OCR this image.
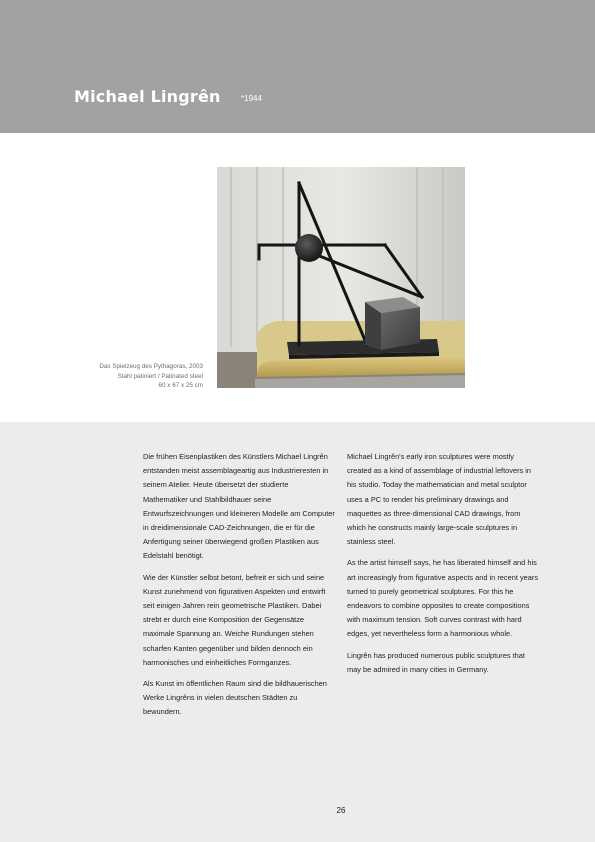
Michael Lingrên	*1944
Das Spielzeug des Pythagoras, 2003
Stahl patiniert / Patinated steel
60 x 67 x 25 cm

Die frühen Eisenplastiken des Künstlers Michael Lingrên entstanden meist assemblageartig aus Industrieresten in seinem Atelier. Heute übersetzt der studierte Mathematiker und Stahlbildhauer seine Entwurfszeichnungen und kleineren Modelle am Computer in dreidimensionale CAD-Zeichnungen, die er für die Anfertigung seiner überwiegend großen Plastiken aus Edelstahl benötigt.

Wie der Künstler selbst betont, befreit er sich und seine Kunst zunehmend von figurativen Aspekten und entwirft seit einigen Jahren rein geometrische Plastiken. Dabei strebt er durch eine Komposition der Gegensätze maximale Spannung an. Weiche Rundungen stehen scharfen Kanten gegenüber und bilden dennoch ein harmonisches und einheitliches Formganzes.

Als Kunst im öffentlichen Raum sind die bildhauerischen Werke Lingrêns in vielen deutschen Städten zu bewundern.

Michael Lingrên's early iron sculptures were mostly created as a kind of assemblage of industrial leftovers in his studio. Today the mathematician and metal sculptor uses a PC to render his preliminary drawings and maquettes as three-dimensional CAD drawings, from which he constructs mainly large-scale sculptures in stainless steel.

As the artist himself says, he has liberated himself and his art increasingly from figurative aspects and in recent years turned to purely geometrical sculptures. For this he endeavors to combine opposites to create compositions with maximum tension. Soft curves contrast with hard edges, yet nevertheless form a harmonious whole.

Lingrên has produced numerous public sculptures that may be admired in many cities in Germany.

26
